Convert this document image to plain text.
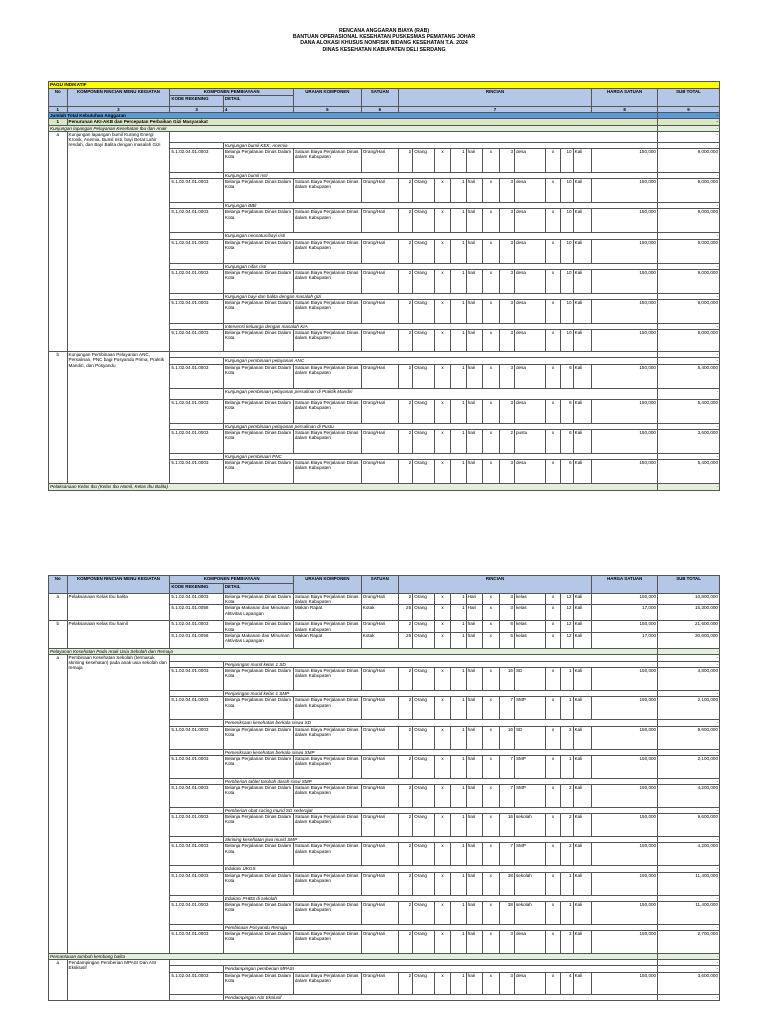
RENCANA ANGGARAN BIAYA (RAB)
BANTUAN OPERASIONAL KESEHATAN PUSKESMAS PEMATANG JOHAR
DANA ALOKASI KHUSUS NONFISIK BIDANG KESEHATAN T.A. 2024
DINAS KESEHATAN KABUPATEN DELI SERDANG
PAGU INDIKATIF																		
No	KOMPONEN RINCIAN MENU KEGIATAN	KOMPONEN PEMBIAYAAN		URAIAN KOMPONEN	SATUAN	RINCIAN											HARGA SATUAN	SUB TOTAL
		KODE REKENING	DETAIL															
1	2	3	4	5	6	7											8	9
Jumlah Total Kebutuhan Anggaran																		-
1	Penurunan AKI-AKB dan Percepatan Perbaikan Gizi Masyarakat																	-
Kunjungan lapangan Pelayanan Kesehatan Ibu dan Anak																		-
a	Kunjungan lapangan bumil Kurang Energi Kronik, Anemia, Bumil risti, bayi Berat Lahir rendah, dan Bayi Balita dengan masalah Gizi																	-
			Kunjungan bumil KEK, Anemia															-
		5.1.02.04.01.0003	Belanja Perjalanan Dinas Dalam Kota	Satuan Biaya Perjalanan Dinas dalam Kabupaten	Orang/Hari	2	Orang	x	1	hari	x	3	desa	x	10	Kali	150,000	9,000,000
			Kunjungan bumil risti															-
		5.1.02.04.01.0003	Belanja Perjalanan Dinas Dalam Kota	Satuan Biaya Perjalanan Dinas dalam Kabupaten	Orang/Hari	2	Orang	x	1	hari	x	3	desa	x	10	Kali	150,000	9,000,000
			Kunjungan BBlr															-
		5.1.02.04.01.0003	Belanja Perjalanan Dinas Dalam Kota	Satuan Biaya Perjalanan Dinas dalam Kabupaten	Orang/Hari	2	Orang	x	1	hari	x	3	desa	x	10	Kali	150,000	9,000,000
			Kunjungan neonatus/bayi risti															-
		5.1.02.04.01.0003	Belanja Perjalanan Dinas Dalam Kota	Satuan Biaya Perjalanan Dinas dalam Kabupaten	Orang/Hari	2	Orang	x	1	hari	x	3	desa	x	10	Kali	150,000	9,000,000
			Kunjungan nifas risti															-
		5.1.02.04.01.0003	Belanja Perjalanan Dinas Dalam Kota	Satuan Biaya Perjalanan Dinas dalam Kabupaten	Orang/Hari	2	Orang	x	1	hari	x	3	desa	x	10	Kali	150,000	9,000,000
			Kunjungan bayi dan balita dengan masalah gizi															-
		5.1.02.04.01.0003	Belanja Perjalanan Dinas Dalam Kota	Satuan Biaya Perjalanan Dinas dalam Kabupaten	Orang/Hari	2	Orang	x	1	hari	x	3	desa	x	10	Kali	150,000	9,000,000
			Intervensi keluarga dengan masalah KIA															-
		5.1.02.04.01.0003	Belanja Perjalanan Dinas Dalam Kota	Satuan Biaya Perjalanan Dinas dalam Kabupaten	Orang/Hari	2	Orang	x	1	hari	x	3	desa	x	10	Kali	150,000	9,000,000
b	Kunjungan Pembinaan Pelayanan ANC, Persalinan, PNC bagi Posyandu Prima, Praktik Mandiri, dan Posyandu																	-
			Kunjungan pembinaan pelayanan ANC															-
		5.1.02.04.01.0003	Belanja Perjalanan Dinas Dalam Kota	Satuan Biaya Perjalanan Dinas dalam Kabupaten	Orang/Hari	2	Orang	x	1	hari	x	3	desa	x	6	Kali	150,000	5,400,000
			Kunjungan pembinaan pelayanan persalinan di Praktik Mandiri															-
		5.1.02.04.01.0003	Belanja Perjalanan Dinas Dalam Kota	Satuan Biaya Perjalanan Dinas dalam Kabupaten	Orang/Hari	2	Orang	x	1	hari	x	3	desa	x	6	Kali	150,000	5,400,000
			Kunjungan pembinaan pelayanan persalinan di Pustu															-
		5.1.02.04.01.0003	Belanja Perjalanan Dinas Dalam Kota	Satuan Biaya Perjalanan Dinas dalam Kabupaten	Orang/Hari	2	Orang	x	1	hari	x	2	pustu	x	6	Kali	150,000	3,600,000
			Kunjungan pembinaan PNC															-
		5.1.02.04.01.0003	Belanja Perjalanan Dinas Dalam Kota	Satuan Biaya Perjalanan Dinas dalam Kabupaten	Orang/Hari	2	Orang	x	1	hari	x	3	desa	x	6	Kali	150,000	5,400,000
Pelaksanaan Kelas Ibu (Kelas Ibu Hamil, Kelas Ibu Balita)																		-
No	KOMPONEN RINCIAN MENU KEGIATAN	KOMPONEN PEMBIAYAAN		URAIAN KOMPONEN	SATUAN	RINCIAN											HARGA SATUAN	SUB TOTAL
		KODE REKENING	DETAIL															
a	Pelaksanaan Kelas Ibu balita	5.1.02.04.01.0003	Belanja Perjalanan Dinas Dalam Kota	Satuan Biaya Perjalanan Dinas dalam Kabupaten	Orang/Hari	2	Orang	x	1	Hari	x	3	kelas	x	12	Kali	150,000	10,800,000
		5.1.02.01.01.0058	Belanja Makanan dan Minuman Aktivitas Lapangan	Makan Rapat	Kotak	25	Orang	x	1	Hari	x	3	kelas	x	12	Kali	17,000	15,300,000
b	Pelaksanaan Kelas Ibu hamil	5.1.02.04.01.0003	Belanja Perjalanan Dinas Dalam Kota	Satuan Biaya Perjalanan Dinas dalam Kabupaten	Orang/Hari	2	Orang	x	1	hari	x	6	kelas	x	12	Kali	150,000	21,600,000
		5.1.02.01.01.0058	Belanja Makanan dan Minuman Aktivitas Lapangan	Makan Rapat	Kotak	25	Orang	x	1	hari	x	6	kelas	x	12	Kali	17,000	30,600,000
Pelayanan Kesehatan Pada Anak Usia Sekolah dan Remaja																		-
a	Pembinaan Kesehatan Sekolah (termasuk skrining kesehatan) pada anak usia sekolah dan remaja																	-
			Penjaringan murid kelas 1 SD															-
		5.1.02.04.01.0003	Belanja Perjalanan Dinas Dalam Kota	Satuan Biaya Perjalanan Dinas dalam Kabupaten	Orang/Hari	2	Orang	x	1	hari	x	16	SD	x	1	Kali	150,000	4,800,000
			Penjaringan murid kelas 1 SMP															-
		5.1.02.04.01.0003	Belanja Perjalanan Dinas Dalam Kota	Satuan Biaya Perjalanan Dinas dalam Kabupaten	Orang/Hari	2	Orang	x	1	hari	x	7	SMP	x	1	Kali	150,000	2,100,000
			Pemeriksaan kesehatan berkala siswa SD															-
		5.1.02.04.01.0003	Belanja Perjalanan Dinas Dalam Kota	Satuan Biaya Perjalanan Dinas dalam Kabupaten	Orang/Hari	2	Orang	x	1	hari	x	16	SD	x	2	Kali	150,000	9,600,000
			Pemeriksaan kesehatan berkala siswa SMP															-
		5.1.02.04.01.0003	Belanja Perjalanan Dinas Dalam Kota	Satuan Biaya Perjalanan Dinas dalam Kabupaten	Orang/Hari	2	Orang	x	1	hari	x	7	SMP	x	1	Kali	150,000	2,100,000
			Pemberian tablet tambah darah siswi SMP															-
		5.1.02.04.01.0003	Belanja Perjalanan Dinas Dalam Kota	Satuan Biaya Perjalanan Dinas dalam Kabupaten	Orang/Hari	2	Orang	x	1	hari	x	7	SMP	x	2	Kali	150,000	4,200,000
			Pemberian obat cacing murid SD sederajat															-
		5.1.02.04.01.0003	Belanja Perjalanan Dinas Dalam Kota	Satuan Biaya Perjalanan Dinas dalam Kabupaten	Orang/Hari	2	Orang	x	1	hari	x	16	sekolah	x	2	Kali	150,000	9,600,000
			Skrining kesehatan jiwa murid SMP															-
		5.1.02.04.01.0003	Belanja Perjalanan Dinas Dalam Kota	Satuan Biaya Perjalanan Dinas dalam Kabupaten	Orang/Hari	2	Orang	x	1	hari	x	7	SMP	x	2	Kali	150,000	4,200,000
			Edukasi UKGS															-
		5.1.02.04.01.0003	Belanja Perjalanan Dinas Dalam Kota	Satuan Biaya Perjalanan Dinas dalam Kabupaten	Orang/Hari	2	Orang	x	1	hari	x	38	sekolah	x	1	Kali	150,000	11,400,000
			Edukasi PHBS di sekolah															-
		5.1.02.04.01.0003	Belanja Perjalanan Dinas Dalam Kota	Satuan Biaya Perjalanan Dinas dalam Kabupaten	Orang/Hari	2	Orang	x	1	hari	x	38	sekolah	x	1	Kali	150,000	11,400,000
			Pembinaan Posyandu Remaja															-
		5.1.02.04.01.0003	Belanja Perjalanan Dinas Dalam Kota	Satuan Biaya Perjalanan Dinas dalam Kabupaten	Orang/Hari	2	Orang	x	1	hari	x	3	desa	x	3	Kali	150,000	2,700,000
Pemantauan tumbuh kembang balita																		-
a	Pendampingan Pemberian MPASI Dan ASI Eksklusif																	-
			Pendampingan pemberian MPASI															-
		5.1.02.04.01.0003	Belanja Perjalanan Dinas Dalam Kota	Satuan Biaya Perjalanan Dinas dalam Kabupaten	Orang/Hari	2	Orang	x	1	hari	x	3	desa	x	4	Kali	150,000	3,600,000
			Pendampingan ASI Ekslusif															-
